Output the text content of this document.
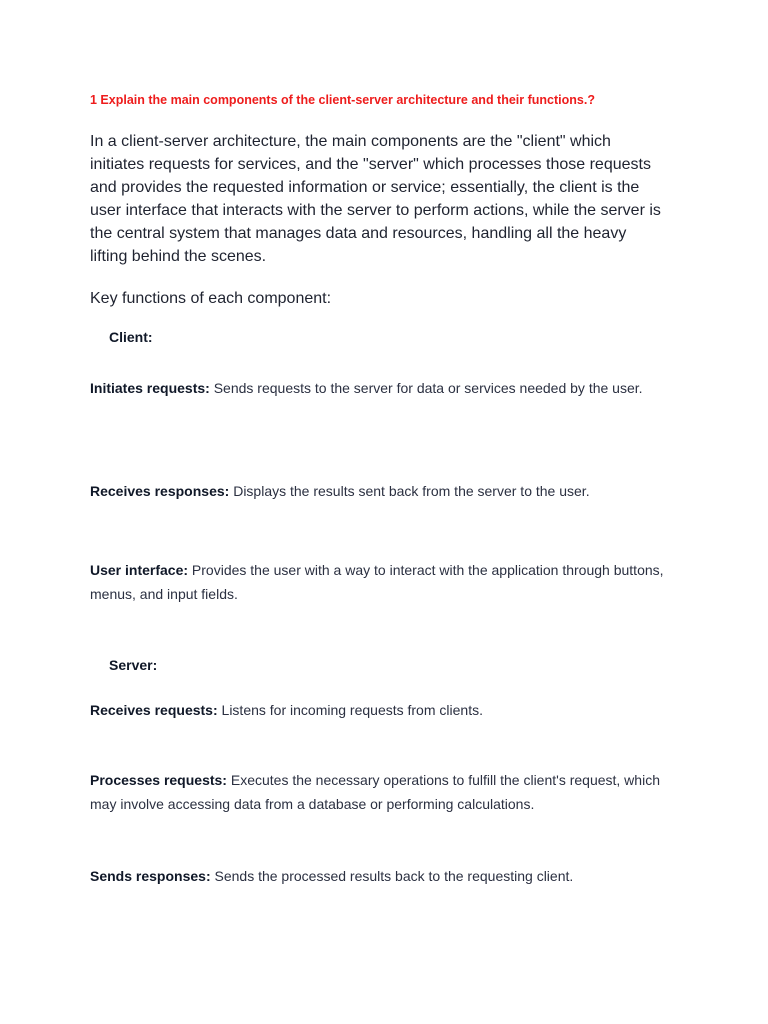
1 Explain the main components of the client-server architecture and their functions.?

In a client-server architecture, the main components are the "client" which initiates requests for services, and the "server" which processes those requests and provides the requested information or service; essentially, the client is the user interface that interacts with the server to perform actions, while the server is the central system that manages data and resources, handling all the heavy lifting behind the scenes.

Key functions of each component:

Client:

Initiates requests: Sends requests to the server for data or services needed by the user.

Receives responses: Displays the results sent back from the server to the user.

User interface: Provides the user with a way to interact with the application through buttons, menus, and input fields.

Server:

Receives requests: Listens for incoming requests from clients.

Processes requests: Executes the necessary operations to fulfill the client's request, which may involve accessing data from a database or performing calculations.

Sends responses: Sends the processed results back to the requesting client.
